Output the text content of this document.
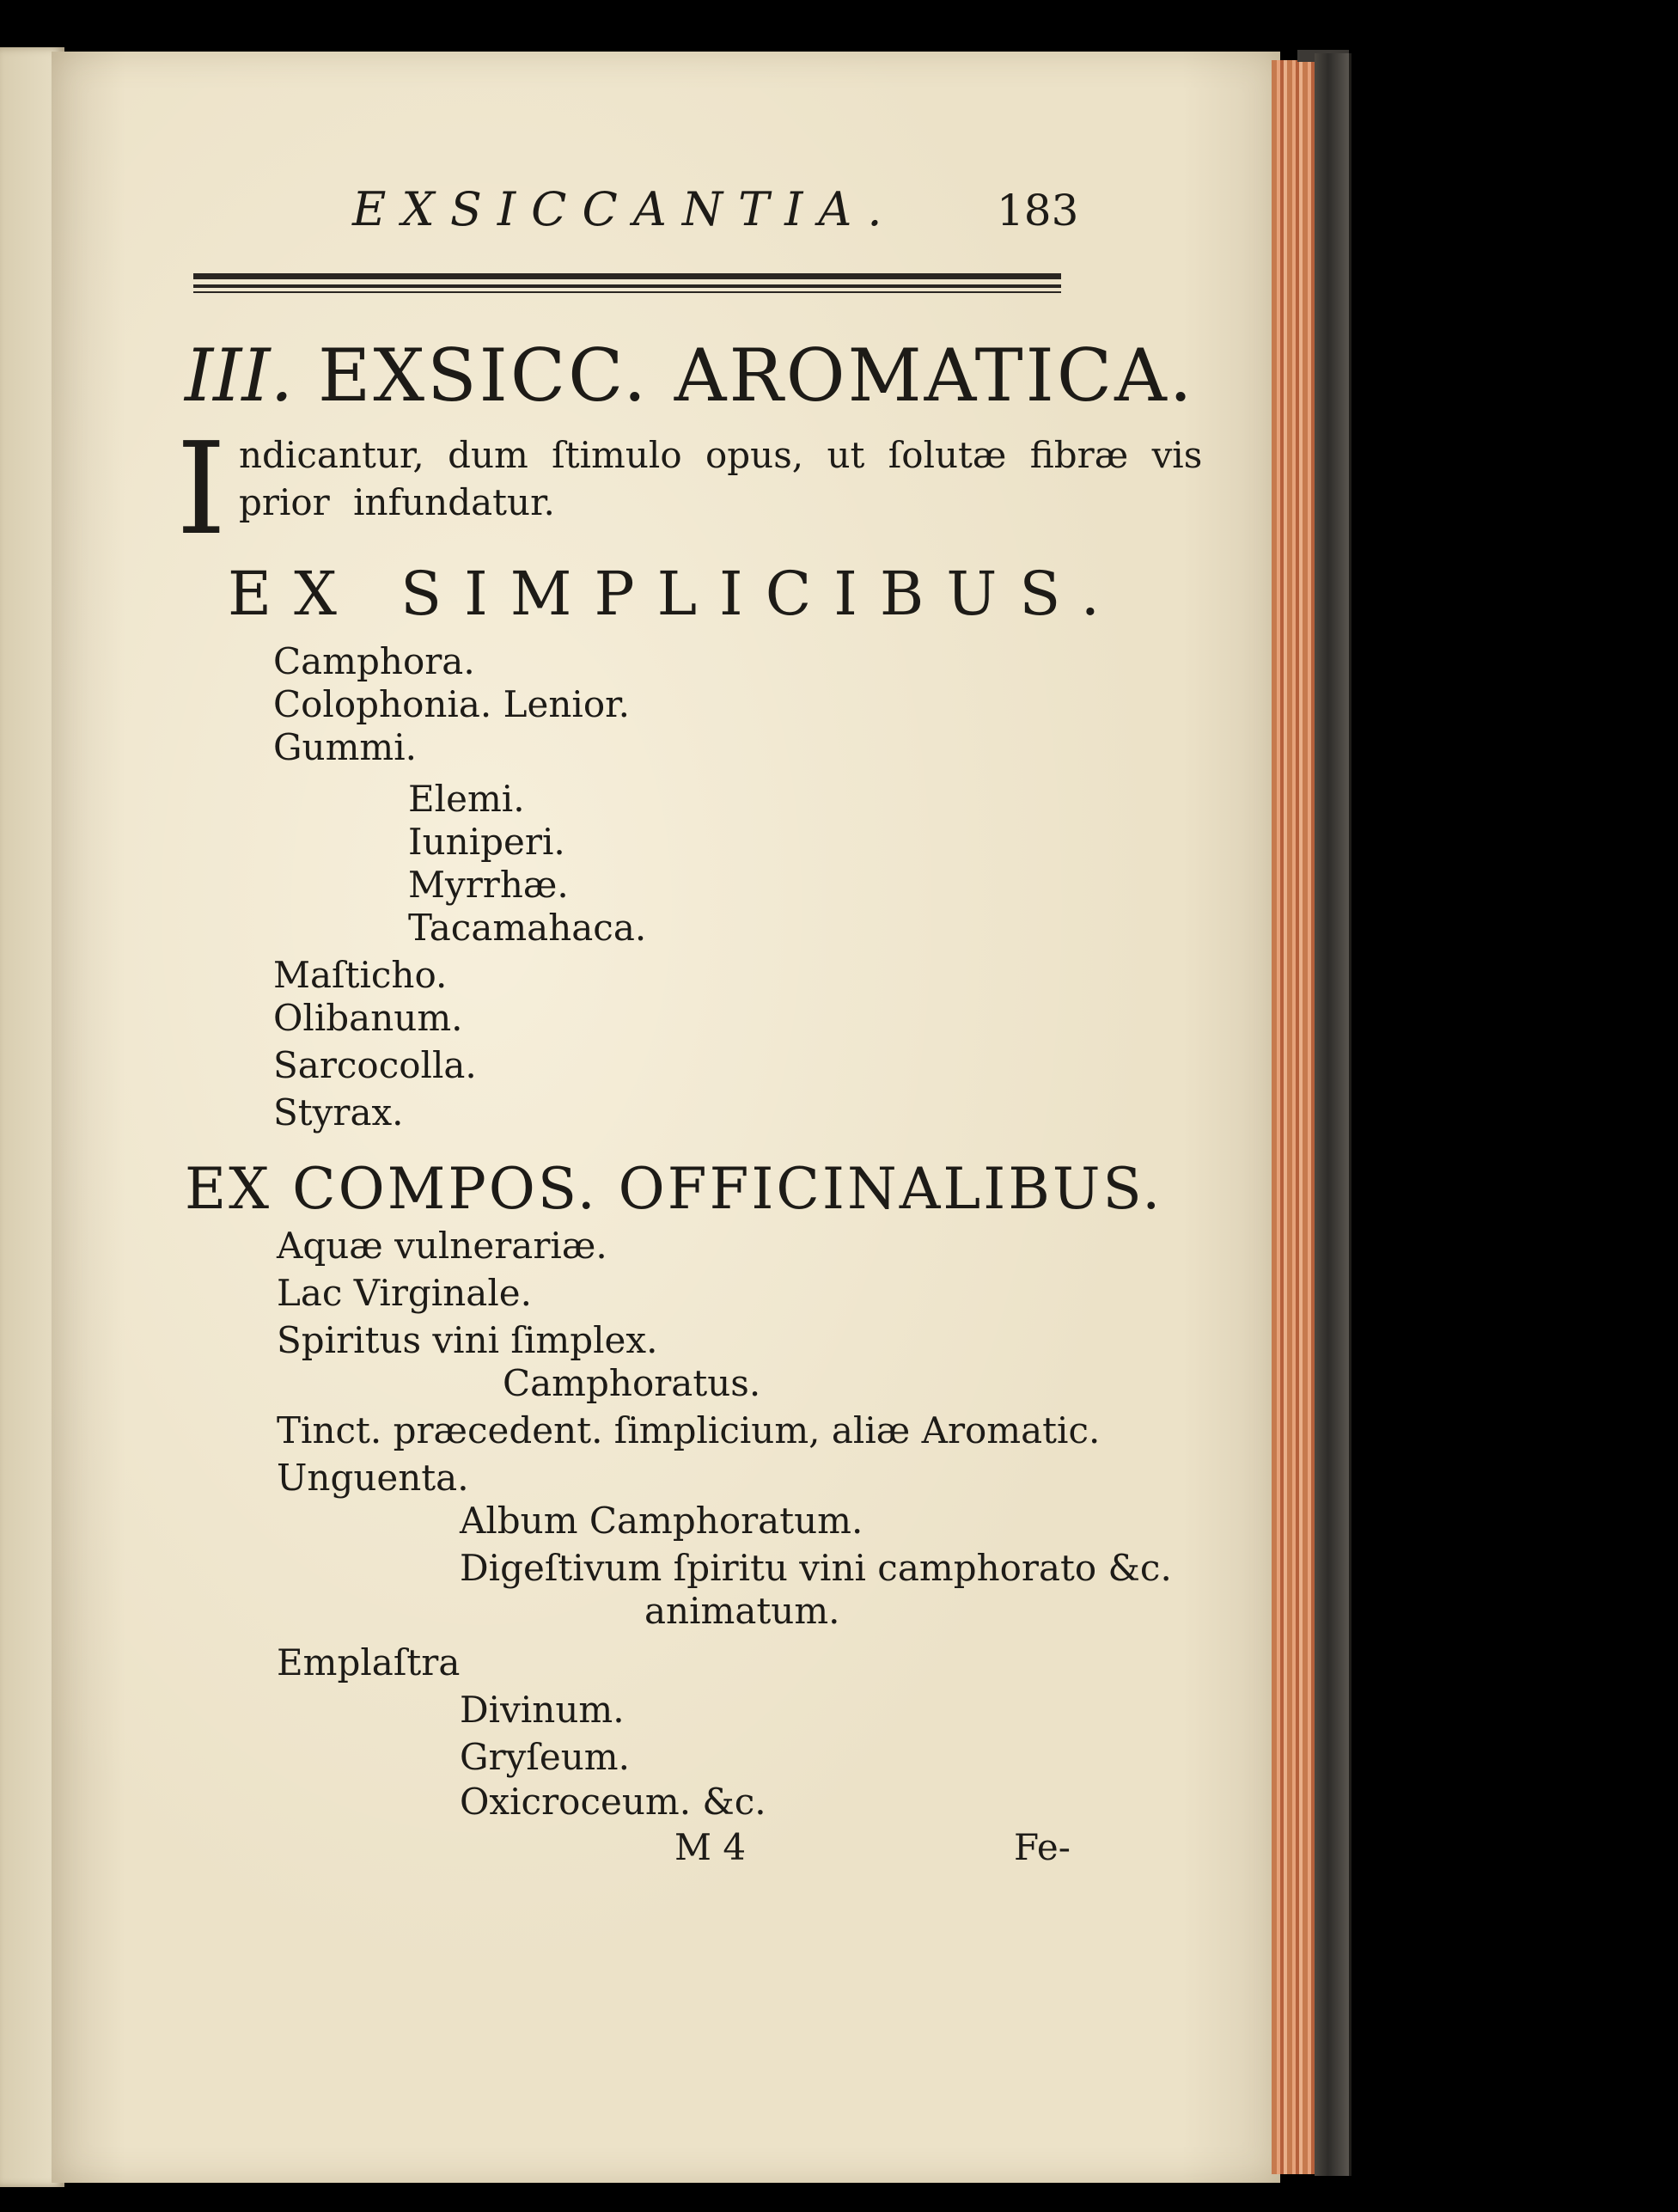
EXSICCANTIA. 183
III. EXSICC. AROMATICA.
I ndicantur, dum ſtimulo opus, ut ſolutæ fibræ vis
prior infundatur.
EX SIMPLICIBUS.
Camphora.
Colophonia. Lenior.
Gummi.
Elemi.
Iuniperi.
Myrrhæ.
Tacamahaca.
Maſticho.
Olibanum.
Sarcocolla.
Styrax.
EX COMPOS. OFFICINALIBUS.
Aquæ vulnerariæ.
Lac Virginale.
Spiritus vini ſimplex.
Camphoratus.
Tinct. præcedent. ſimplicium, aliæ Aromatic.
Unguenta.
Album Camphoratum.
Digeſtivum ſpiritu vini camphorato &c.
animatum.
Emplaſtra
Divinum.
Gryſeum.
Oxicroceum. &c.
M 4	Fe-
